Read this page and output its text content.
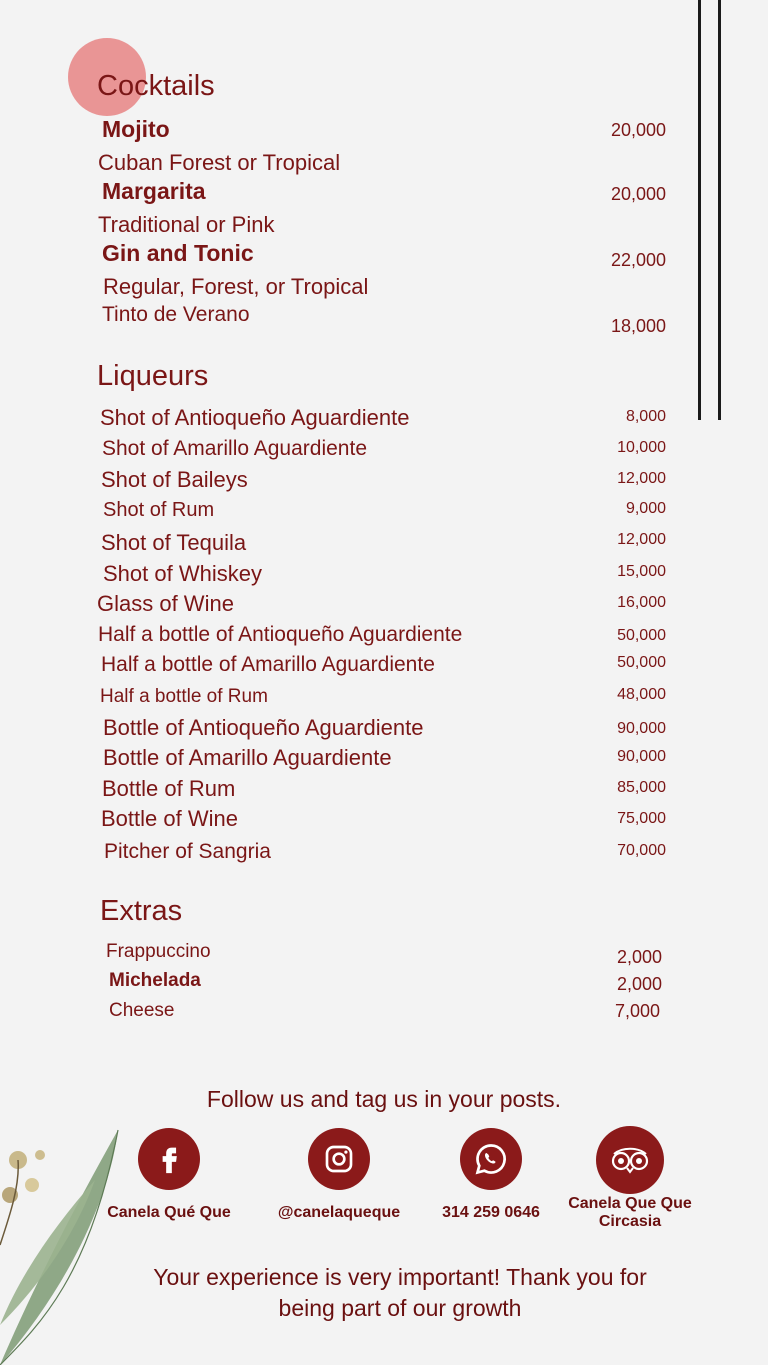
Cocktails
Mojito	20,000
Cuban Forest or Tropical
Margarita	20,000
Traditional or Pink
Gin and Tonic	22,000
Regular, Forest, or Tropical
Tinto de Verano	18,000
Liqueurs
Shot of Antioqueño Aguardiente	8,000
Shot of Amarillo Aguardiente	10,000
Shot of Baileys	12,000
Shot of Rum	9,000
Shot of Tequila	12,000
Shot of Whiskey	15,000
Glass of Wine	16,000
Half a bottle of Antioqueño Aguardiente	50,000
Half a bottle of Amarillo Aguardiente	50,000
Half a bottle of Rum	48,000
Bottle of Antioqueño Aguardiente	90,000
Bottle of Amarillo Aguardiente	90,000
Bottle of Rum	85,000
Bottle of Wine	75,000
Pitcher of Sangria	70,000
Extras
Frappuccino	2,000
Michelada	2,000
Cheese	7,000
Follow us and tag us in your posts.
Canela Qué Que	@canelaqueque	314 259 0646
Canela Que Que Circasia
Your experience is very important! Thank you for
being part of our growth
